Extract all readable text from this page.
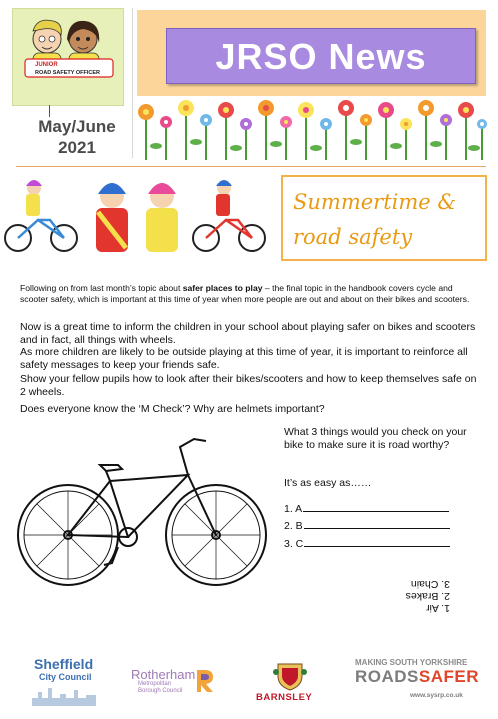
JUNIOR
ROAD SAFETY OFFICER
May/June
2021
JRSO News
Summertime &
road safety
Following on from last month’s topic about safer places to play – the final topic in the handbook covers cycle and scooter safety, which is important at this time of year when more people are out and about on their bikes and scooters.
Now is a great time to inform the children in your school about playing safer on bikes and scooters and in fact, all things with wheels.
As more children are likely to be outside playing at this time of year, it is important to reinforce all safety messages to keep your friends safe.
Show your fellow pupils how to look after their bikes/scooters and how to keep themselves safe on 2 wheels.
Does everyone know the ‘M Check’? Why are helmets important?
What 3 things would you check on your bike to make sure it is road worthy?
It’s as easy as……
1. A
2. B
3. C
1. Air
2. Brakes
3. Chain
Sheffield
City Council	Rotherham
Metropolitan
Borough Council
BARNSLEY
MAKING SOUTH YORKSHIRE
ROADSSAFER
www.sysrp.co.uk
